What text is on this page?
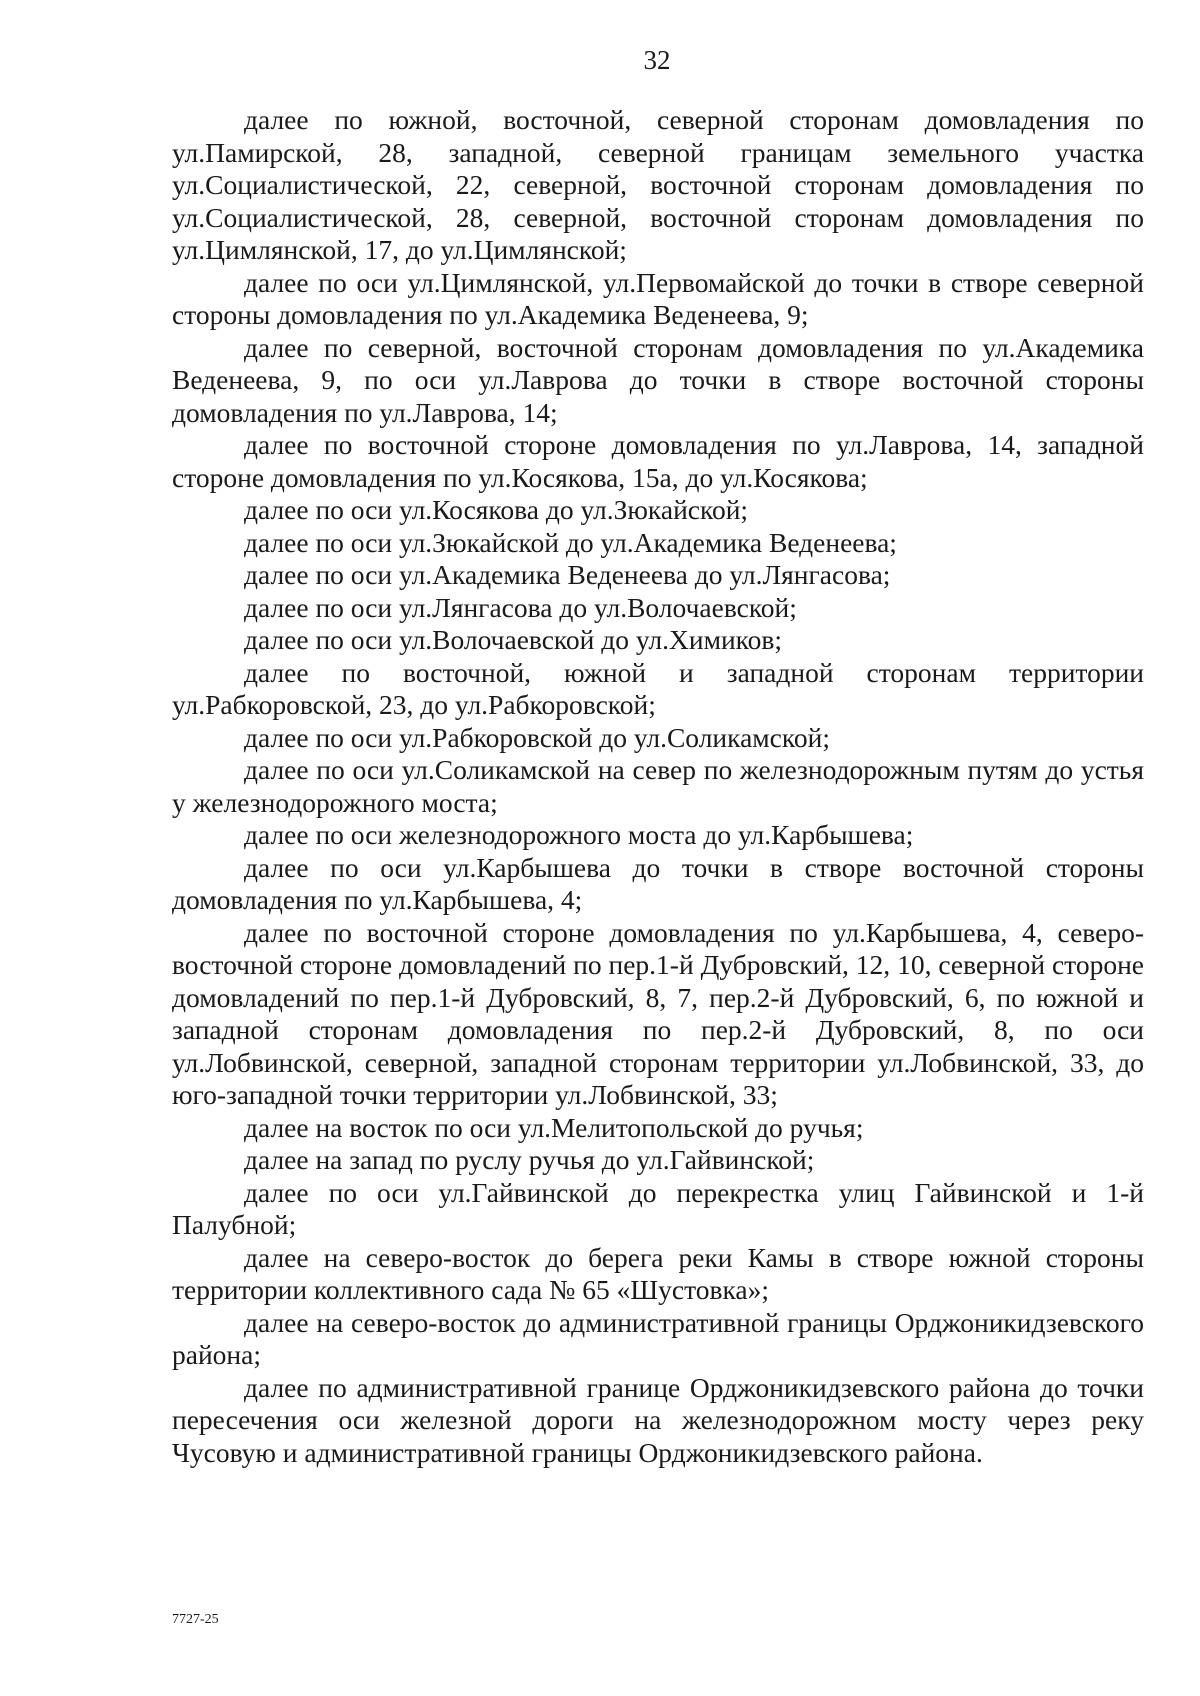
32

далее по южной, восточной, северной сторонам домовладения по ул.Памирской, 28, западной, северной границам земельного участка ул.Социалистической, 22, северной, восточной сторонам домовладения по ул.Социалистической, 28, северной, восточной сторонам домовладения по ул.Цимлянской, 17, до ул.Цимлянской;

далее по оси ул.Цимлянской, ул.Первомайской до точки в створе северной стороны домовладения по ул.Академика Веденеева, 9;

далее по северной, восточной сторонам домовладения по ул.Академика Веденеева, 9, по оси ул.Лаврова до точки в створе восточной стороны домовладения по ул.Лаврова, 14;

далее по восточной стороне домовладения по ул.Лаврова, 14, западной стороне домовладения по ул.Косякова, 15а, до ул.Косякова;

далее по оси ул.Косякова до ул.Зюкайской;

далее по оси ул.Зюкайской до ул.Академика Веденеева;

далее по оси ул.Академика Веденеева до ул.Лянгасова;

далее по оси ул.Лянгасова до ул.Волочаевской;

далее по оси ул.Волочаевской до ул.Химиков;

далее по восточной, южной и западной сторонам территории ул.Рабкоровской, 23, до ул.Рабкоровской;

далее по оси ул.Рабкоровской до ул.Соликамской;

далее по оси ул.Соликамской на север по железнодорожным путям до устья у железнодорожного моста;

далее по оси железнодорожного моста до ул.Карбышева;

далее по оси ул.Карбышева до точки в створе восточной стороны домовладения по ул.Карбышева, 4;

далее по восточной стороне домовладения по ул.Карбышева, 4, северо-восточной стороне домовладений по пер.1-й Дубровский, 12, 10, северной стороне домовладений по пер.1-й Дубровский, 8, 7, пер.2-й Дубровский, 6, по южной и западной сторонам домовладения по пер.2-й Дубровский, 8, по оси ул.Лобвинской, северной, западной сторонам территории ул.Лобвинской, 33, до юго-западной точки территории ул.Лобвинской, 33;

далее на восток по оси ул.Мелитопольской до ручья;

далее на запад по руслу ручья до ул.Гайвинской;

далее по оси ул.Гайвинской до перекрестка улиц Гайвинской и 1-й Палубной;

далее на северо-восток до берега реки Камы в створе южной стороны территории коллективного сада № 65 «Шустовка»;

далее на северо-восток до административной границы Орджоникидзевского района;

далее по административной границе Орджоникидзевского района до точки пересечения оси железной дороги на железнодорожном мосту через реку Чусовую и административной границы Орджоникидзевского района.

7727-25
